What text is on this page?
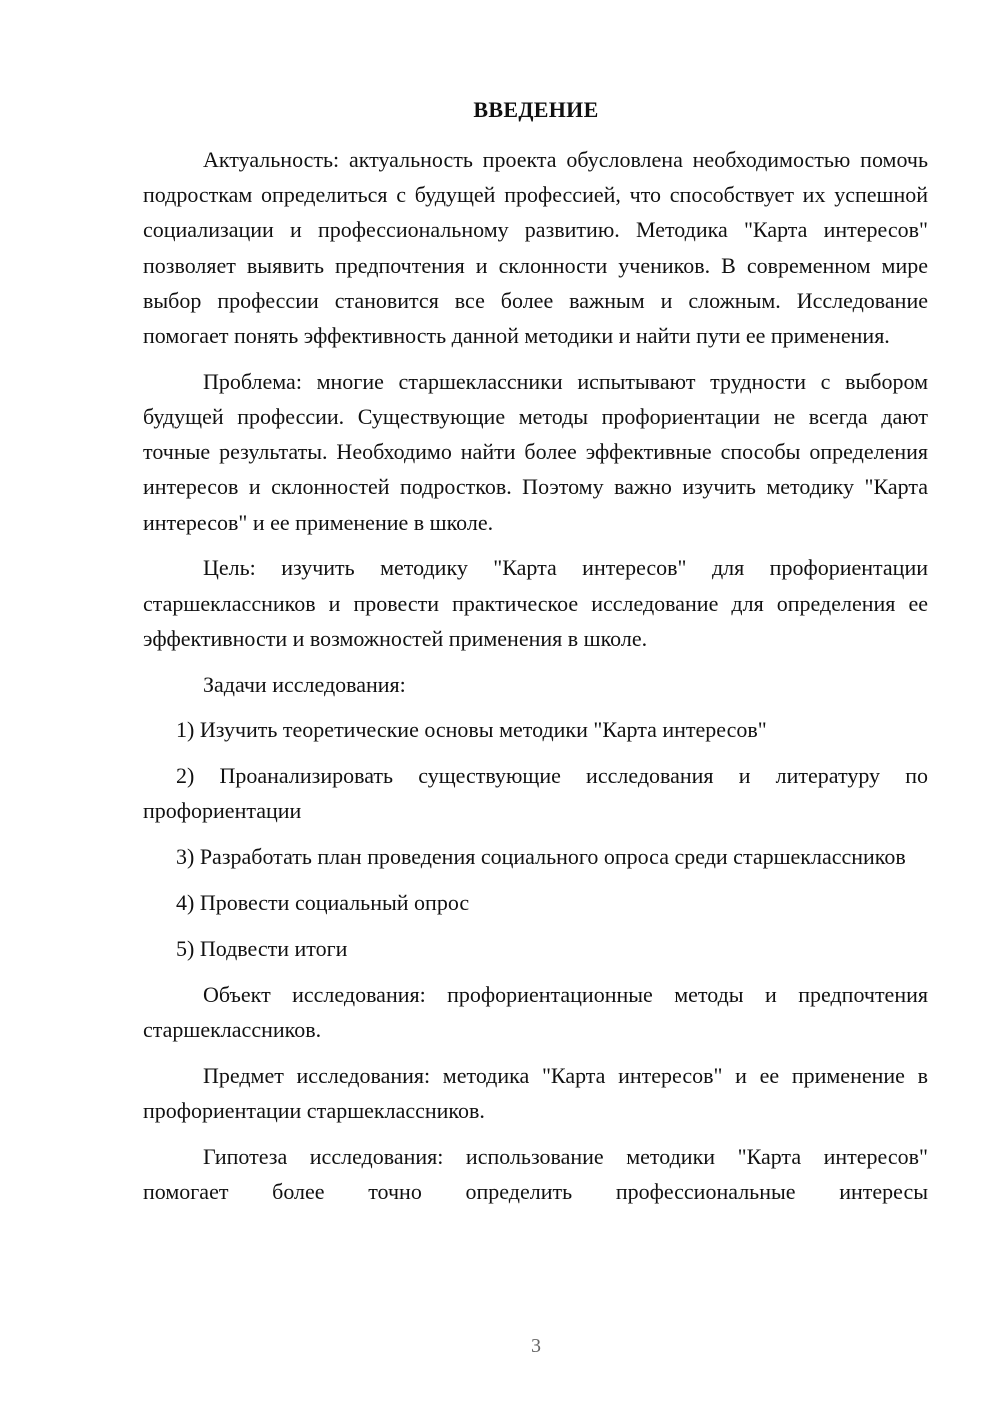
ВВЕДЕНИЕ

Актуальность: актуальность проекта обусловлена необходимостью помочь подросткам определиться с будущей профессией, что способствует их успешной социализации и профессиональному развитию. Методика "Карта интересов" позволяет выявить предпочтения и склонности учеников. В современном мире выбор профессии становится все более важным и сложным. Исследование помогает понять эффективность данной методики и найти пути ее применения.

Проблема: многие старшеклассники испытывают трудности с выбором будущей профессии. Существующие методы профориентации не всегда дают точные результаты. Необходимо найти более эффективные способы определения интересов и склонностей подростков. Поэтому важно изучить методику "Карта интересов" и ее применение в школе.

Цель: изучить методику "Карта интересов" для профориентации старшеклассников и провести практическое исследование для определения ее эффективности и возможностей применения в школе.

Задачи исследования:

1) Изучить теоретические основы методики "Карта интересов"

2) Проанализировать существующие исследования и литературу по профориентации

3) Разработать план проведения социального опроса среди старшеклассников

4) Провести социальный опрос

5) Подвести итоги

Объект исследования: профориентационные методы и предпочтения старшеклассников.

Предмет исследования: методика "Карта интересов" и ее применение в профориентации старшеклассников.

Гипотеза исследования: использование методики "Карта интересов" помогает более точно определить профессиональные интересы

3
